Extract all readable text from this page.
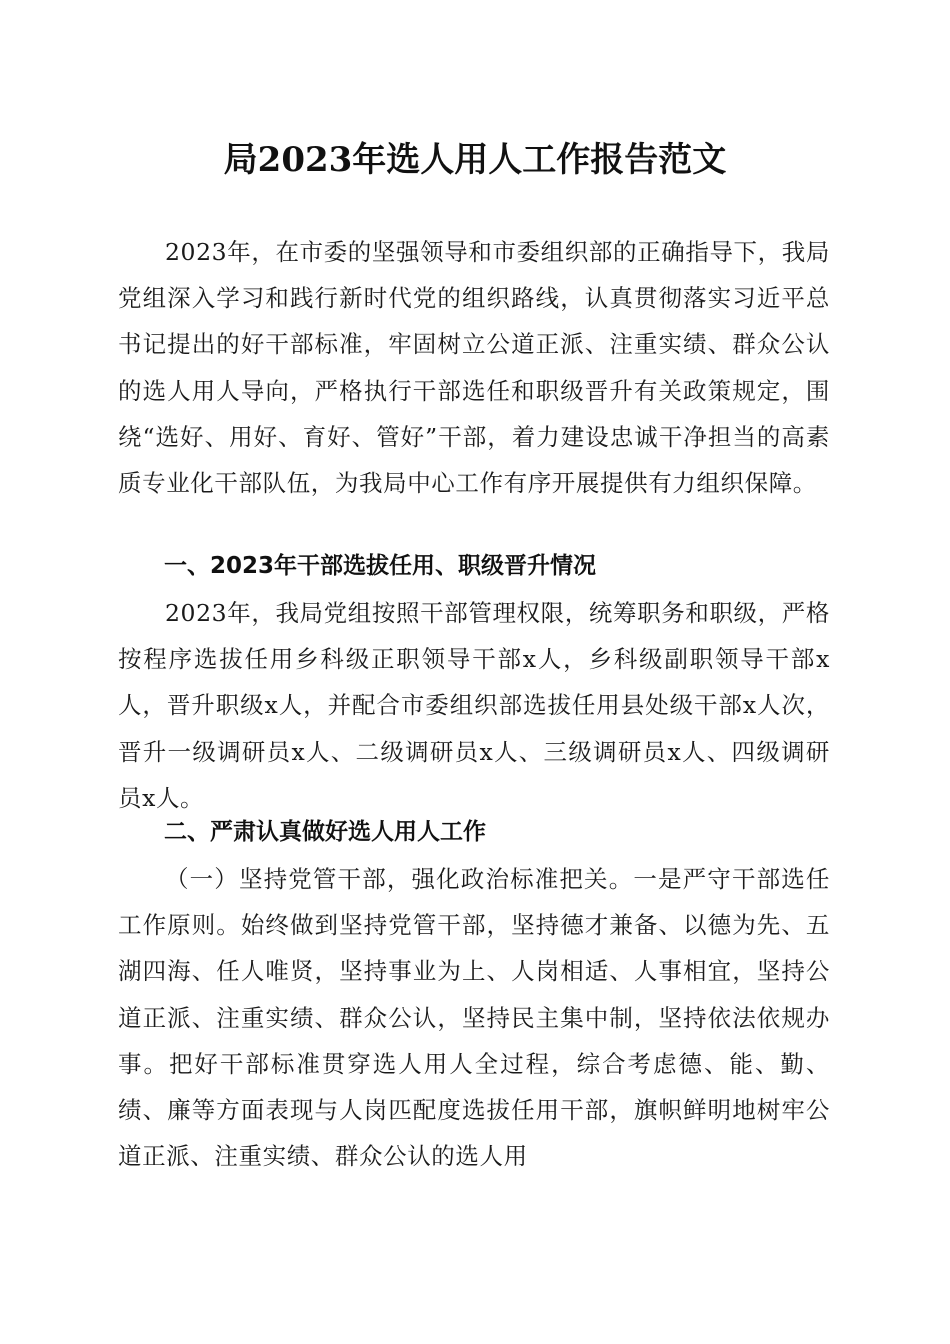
局2023年选人用人工作报告范文

2023年，在市委的坚强领导和市委组织部的正确指导下，我局党组深入学习和践行新时代党的组织路线，认真贯彻落实习近平总书记提出的好干部标准，牢固树立公道正派、注重实绩、群众公认的选人用人导向，严格执行干部选任和职级晋升有关政策规定，围绕“选好、用好、育好、管好”干部，着力建设忠诚干净担当的高素质专业化干部队伍，为我局中心工作有序开展提供有力组织保障。

一、2023年干部选拔任用、职级晋升情况

2023年，我局党组按照干部管理权限，统筹职务和职级，严格按程序选拔任用乡科级正职领导干部x人，乡科级副职领导干部x人，晋升职级x人，并配合市委组织部选拔任用县处级干部x人次，晋升一级调研员x人、二级调研员x人、三级调研员x人、四级调研员x人。

二、严肃认真做好选人用人工作

（一）坚持党管干部，强化政治标准把关。一是严守干部选任工作原则。始终做到坚持党管干部，坚持德才兼备、以德为先、五湖四海、任人唯贤，坚持事业为上、人岗相适、人事相宜，坚持公道正派、注重实绩、群众公认，坚持民主集中制，坚持依法依规办事。把好干部标准贯穿选人用人全过程，综合考虑德、能、勤、绩、廉等方面表现与人岗匹配度选拔任用干部，旗帜鲜明地树牢公道正派、注重实绩、群众公认的选人用
